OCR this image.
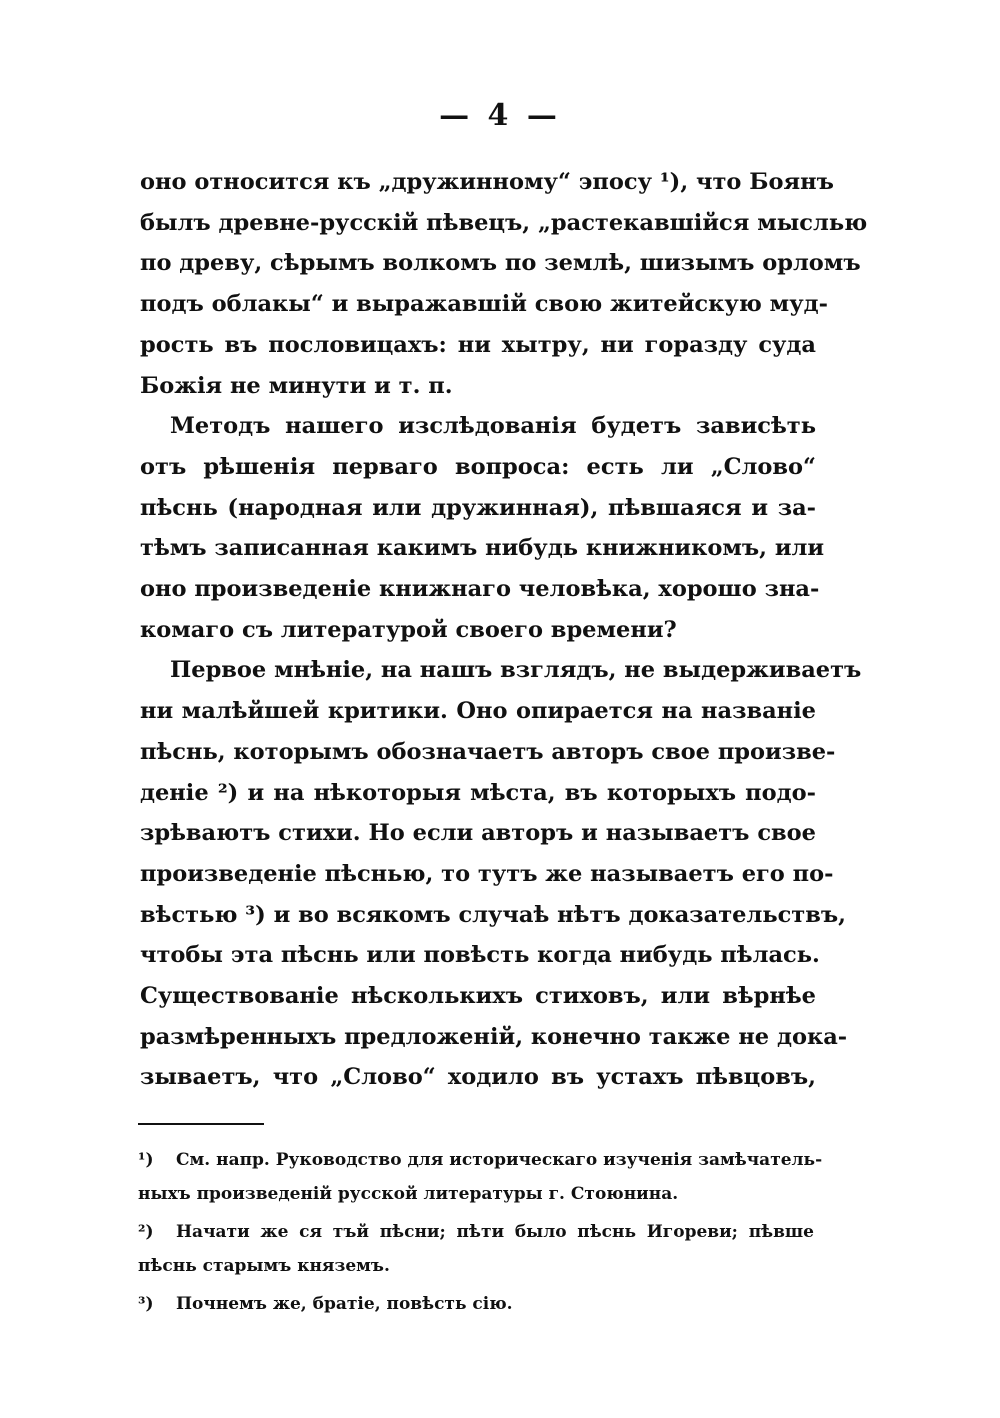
— 4 —

оно относится къ „дружинному“ эпосу ¹), что Боянъ
былъ древне-русскій пѣвецъ, „растекавшійся мыслью
по древу, сѣрымъ волкомъ по землѣ, шизымъ орломъ
подъ облакы“ и выражавшій свою житейскую муд-
рость въ пословицахъ: ни хытру, ни горазду суда
Божія не минути и т. п.

Методъ нашего изслѣдованія будетъ зависѣть
отъ рѣшенія перваго вопроса: есть ли „Слово“
пѣснь (народная или дружинная), пѣвшаяся и за-
тѣмъ записанная какимъ нибудь книжникомъ, или
оно произведеніе книжнаго человѣка, хорошо зна-
комаго съ литературой своего времени?

Первое мнѣніе, на нашъ взглядъ, не выдерживаетъ
ни малѣйшей критики. Оно опирается на названіе
пѣснь, которымъ обозначаетъ авторъ свое произве-
деніе ²) и на нѣкоторыя мѣста, въ которыхъ подо-
зрѣваютъ стихи. Но если авторъ и называетъ свое
произведеніе пѣснью, то тутъ же называетъ его по-
вѣстью ³) и во всякомъ случаѣ нѣтъ доказательствъ,
чтобы эта пѣснь или повѣсть когда нибудь пѣлась.
Существованіе нѣсколькихъ стиховъ, или вѣрнѣе
размѣренныхъ предложеній, конечно также не дока-
зываетъ, что „Слово“ ходило въ устахъ пѣвцовъ,

¹) См. напр. Руководство для историческаго изученія замѣчатель-
ныхъ произведеній русской литературы г. Стоюнина.
²) Начати же ся тъй пѣсни; пѣти было пѣснь Игореви; пѣвше
пѣснь старымъ княземъ.
³) Почнемъ же, братіе, повѣсть сію.
